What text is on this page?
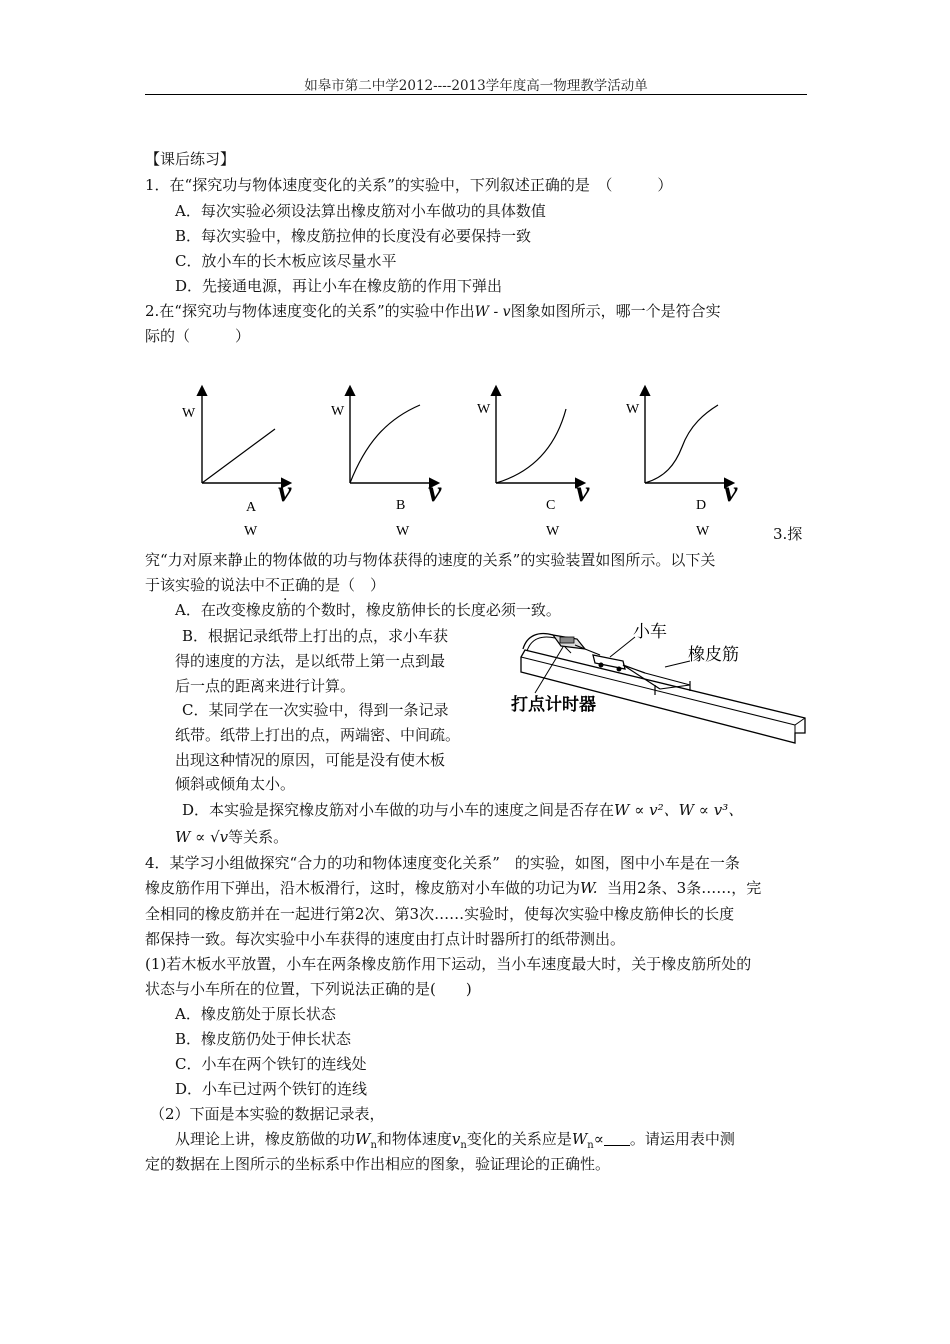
如皋市第二中学2012----2013学年度高一物理教学活动单
【课后练习】
1．在“探究功与物体速度变化的关系”的实验中，下列叙述正确的是　（　　　）
A．每次实验必须设法算出橡皮筋对小车做功的具体数值
B．每次实验中，橡皮筋拉伸的长度没有必要保持一致
C．放小车的长木板应该尽量水平
D．先接通电源，再让小车在橡皮筋的作用下弹出
2.在“探究功与物体速度变化的关系”的实验中作出W - v图象如图所示，哪一个是符合实
际的（　　　）
W
v
W
v
W
v
W
v
A	B	C	D
W	W	W	W	3.探
究“力对原来静止的物体做的功与物体获得的速度的关系”的实验装置如图所示。以下关
于该实验的说法中不正确的是（　）
A．在改变橡皮筋的个数时，橡皮筋伸长的长度必须一致。
B．根据记录纸带上打出的点，求小车获
得的速度的方法，是以纸带上第一点到最
后一点的距离来进行计算。
C．某同学在一次实验中，得到一条记录
纸带。纸带上打出的点，两端密、中间疏。
出现这种情况的原因，可能是没有使木板
倾斜或倾角太小。
小车
橡皮筋
打点计时器
D．本实验是探究橡皮筋对小车做的功与小车的速度之间是否存在W ∝ v²、W ∝ v³、
W ∝ √v等关系。
4．某学习小组做探究“合力的功和物体速度变化关系”　的实验，如图，图中小车是在一条
橡皮筋作用下弹出，沿木板滑行，这时，橡皮筋对小车做的功记为W. 当用2条、3条……，完
全相同的橡皮筋并在一起进行第2次、第3次……实验时，使每次实验中橡皮筋伸长的长度
都保持一致。每次实验中小车获得的速度由打点计时器所打的纸带测出。
(1)若木板水平放置，小车在两条橡皮筋作用下运动，当小车速度最大时，关于橡皮筋所处的
状态与小车所在的位置，下列说法正确的是(　　)
A．橡皮筋处于原长状态
B．橡皮筋仍处于伸长状态
C．小车在两个铁钉的连线处
D．小车已过两个铁钉的连线
（2）下面是本实验的数据记录表，
从理论上讲，橡皮筋做的功$W_n$和物体速度$v_n$变化的关系应是$W_n\propto$ 。请运用表中测
定的数据在上图所示的坐标系中作出相应的图象，验证理论的正确性。
